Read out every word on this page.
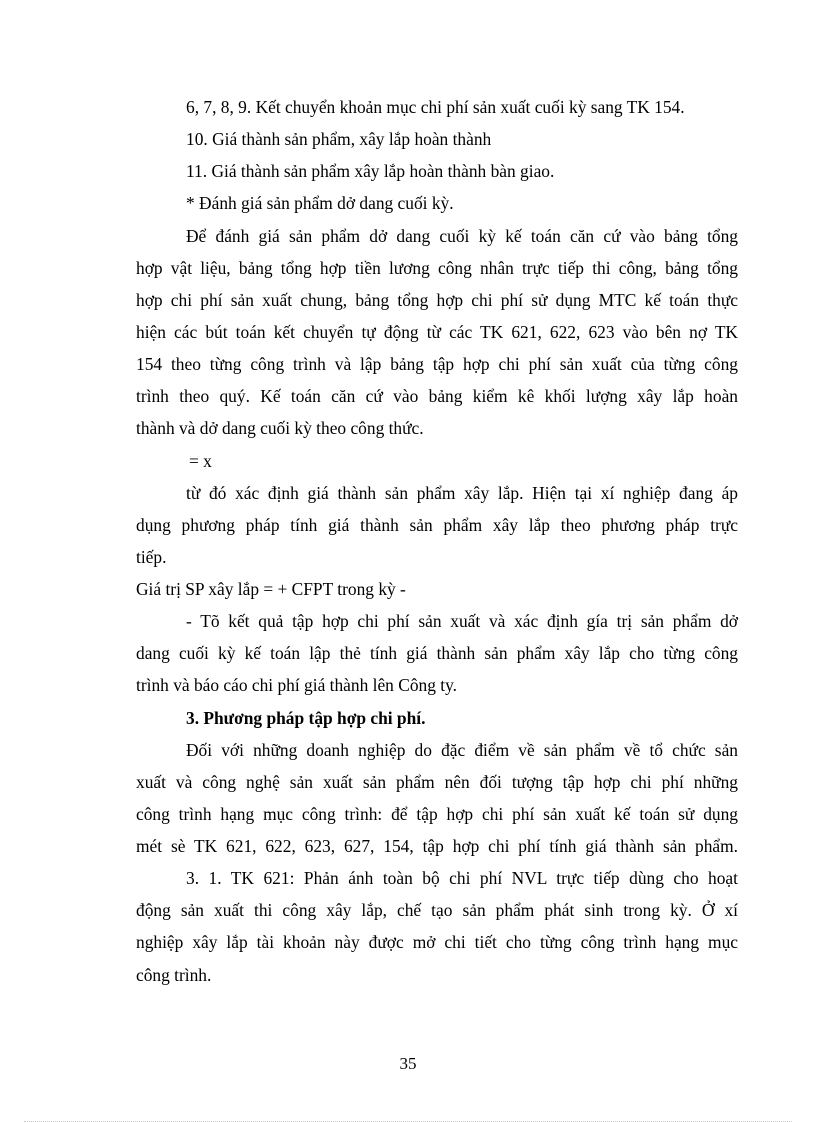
6, 7, 8, 9. Kết chuyển khoản mục chi phí sản xuất cuối kỳ sang TK 154.
10. Giá thành sản phẩm, xây lắp hoàn thành
11. Giá thành sản phẩm xây lắp hoàn thành bàn giao.
* Đánh giá sản phẩm dở dang cuối kỳ.
Để đánh giá sản phẩm dở dang cuối kỳ kế toán căn cứ vào bảng tổng
hợp vật liệu, bảng tổng hợp tiền lương công nhân trực tiếp thi công, bảng tổng
hợp chi phí sản xuất chung, bảng tổng hợp chi phí sử dụng MTC kế toán thực
hiện các bút toán kết chuyển tự động từ các TK 621, 622, 623 vào bên nợ TK
154 theo từng công trình và lập bảng tập hợp chi phí sản xuất của từng công
trình theo quý. Kế toán căn cứ vào bảng kiểm kê khối lượng xây lắp hoàn
thành và dở dang cuối kỳ theo công thức.
= x
từ đó xác định giá thành sản phẩm xây lắp. Hiện tại xí nghiệp đang áp
dụng phương pháp tính giá thành sản phẩm xây lắp theo phương pháp trực
tiếp.
Giá trị SP xây lắp = + CFPT trong kỳ -
- Tõ kết quả tập hợp chi phí sản xuất và xác định gía trị sản phẩm dở
dang cuối kỳ kế toán lập thẻ tính giá thành sản phẩm xây lắp cho từng công
trình và báo cáo chi phí giá thành lên Công ty.
3. Phương pháp tập hợp chi phí.
Đối với những doanh nghiệp do đặc điểm về sản phẩm về tổ chức sản
xuất và công nghệ sản xuất sản phẩm nên đối tượng tập hợp chi phí những
công trình hạng mục công trình: để tập hợp chi phí sản xuất kế toán sử dụng
mét sè TK 621, 622, 623, 627, 154, tập hợp chi phí tính giá thành sản phẩm.
3. 1. TK 621: Phản ánh toàn bộ chi phí NVL trực tiếp dùng cho hoạt
động sản xuất thi công xây lắp, chế tạo sản phẩm phát sinh trong kỳ. Ở xí
nghiệp xây lắp tài khoản này được mở chi tiết cho từng công trình hạng mục
công trình.
35
